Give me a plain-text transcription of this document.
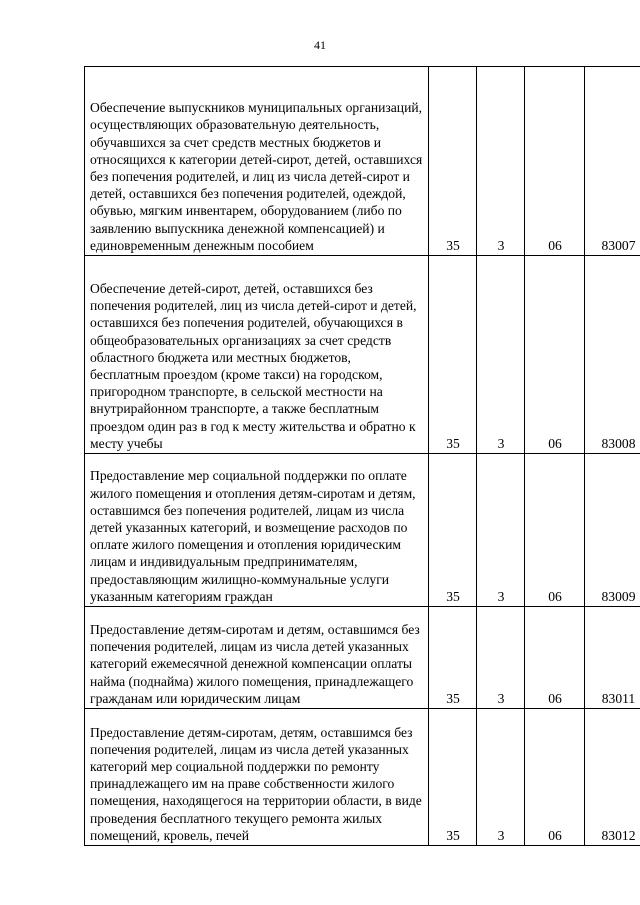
41
Обеспечение выпускников муниципальных организаций, осуществляющих образовательную деятельность, обучавшихся за счет средств местных бюджетов и относящихся к категории детей-сирот, детей, оставшихся без попечения родителей, и лиц из числа детей-сирот и детей, оставшихся без попечения родителей, одеждой, обувью, мягким инвентарем, оборудованием (либо по заявлению выпускника денежной компенсацией) и единовременным денежным пособием	35	3	06	83007
Обеспечение детей-сирот, детей, оставшихся без попечения родителей, лиц из числа детей-сирот и детей, оставшихся без попечения родителей, обучающихся в общеобразовательных организациях за счет средств областного бюджета или местных бюджетов, бесплатным проездом (кроме такси) на городском, пригородном транспорте, в сельской местности на внутрирайонном транспорте, а также бесплатным проездом один раз в год к месту жительства и обратно к месту учебы	35	3	06	83008
Предоставление мер социальной поддержки по оплате жилого помещения и отопления детям-сиротам и детям, оставшимся без попечения родителей, лицам из числа детей указанных категорий, и возмещение расходов по оплате жилого помещения и отопления юридическим лицам и индивидуальным предпринимателям, предоставляющим жилищно-коммунальные услуги указанным категориям граждан	35	3	06	83009
Предоставление детям-сиротам и детям, оставшимся без попечения родителей, лицам из числа детей указанных категорий ежемесячной денежной компенсации оплаты найма (поднайма) жилого помещения, принадлежащего гражданам или юридическим лицам	35	3	06	83011
Предоставление детям-сиротам, детям, оставшимся без попечения родителей, лицам из числа детей указанных категорий мер социальной поддержки по ремонту принадлежащего им на праве собственности жилого помещения, находящегося на территории области, в виде проведения бесплатного текущего ремонта жилых помещений, кровель, печей	35	3	06	83012
